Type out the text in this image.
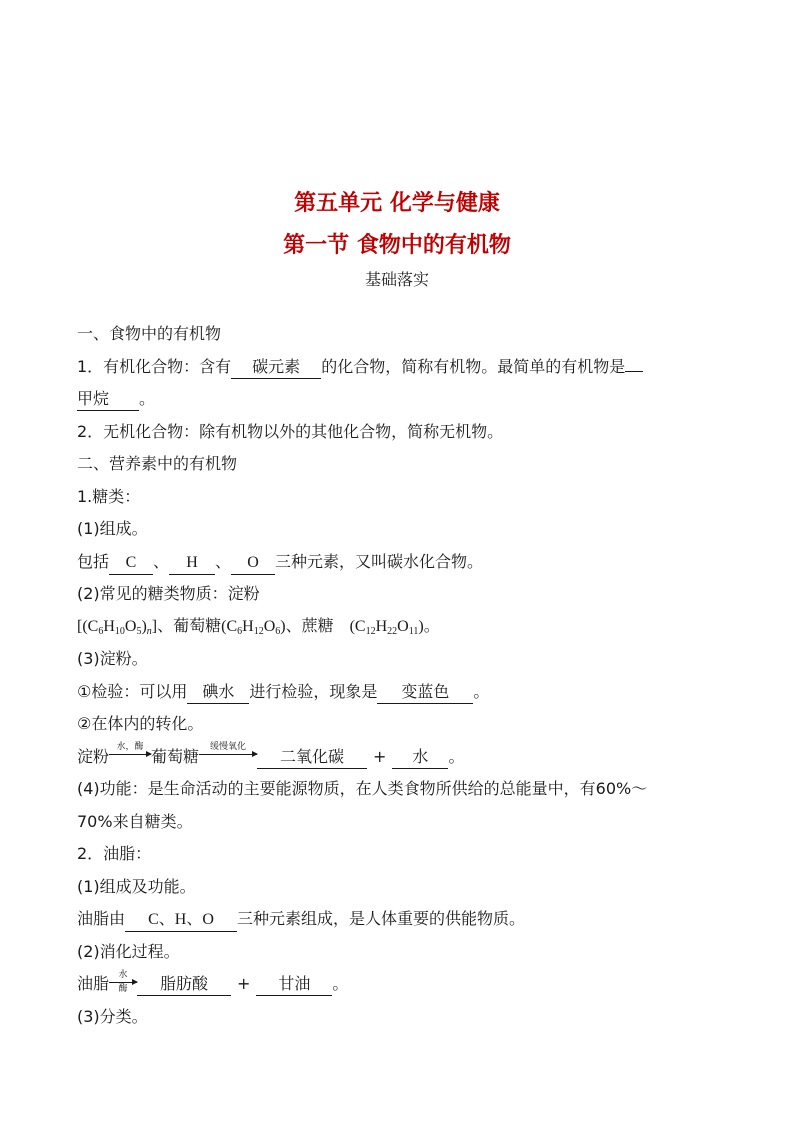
第五单元 化学与健康
第一节 食物中的有机物
基础落实
一、食物中的有机物
1．有机化合物：含有 碳元素 的化合物，简称有机物。最简单的有机物是
甲烷 。
2．无机化合物：除有机物以外的其他化合物，简称无机物。
二、营养素中的有机物
1.糖类：
(1)组成。
包括 C 、 H 、 O 三种元素，又叫碳水化合物。
(2)常见的糖类物质：淀粉
$[(C_6H_{10}O_5)_n]$、葡萄糖$(C_6H_{12}O_6)$、蔗糖　$(C_{12}H_{22}O_{11})$。
(3)淀粉。
①检验：可以用 碘水 进行检验，现象是 变蓝色 。
②在体内的转化。
淀粉 水，酶 葡萄糖	缓慢氧化	二氧化碳 + 水 。
(4)功能：是生命活动的主要能源物质，在人类食物所供给的总能量中，有60%～
70%来自糖类。
2．油脂：
(1)组成及功能。
油脂由 C、H、O 三种元素组成，是人体重要的供能物质。
(2)消化过程。
油脂	水
酶	脂肪酸 + 甘油 。
(3)分类。
